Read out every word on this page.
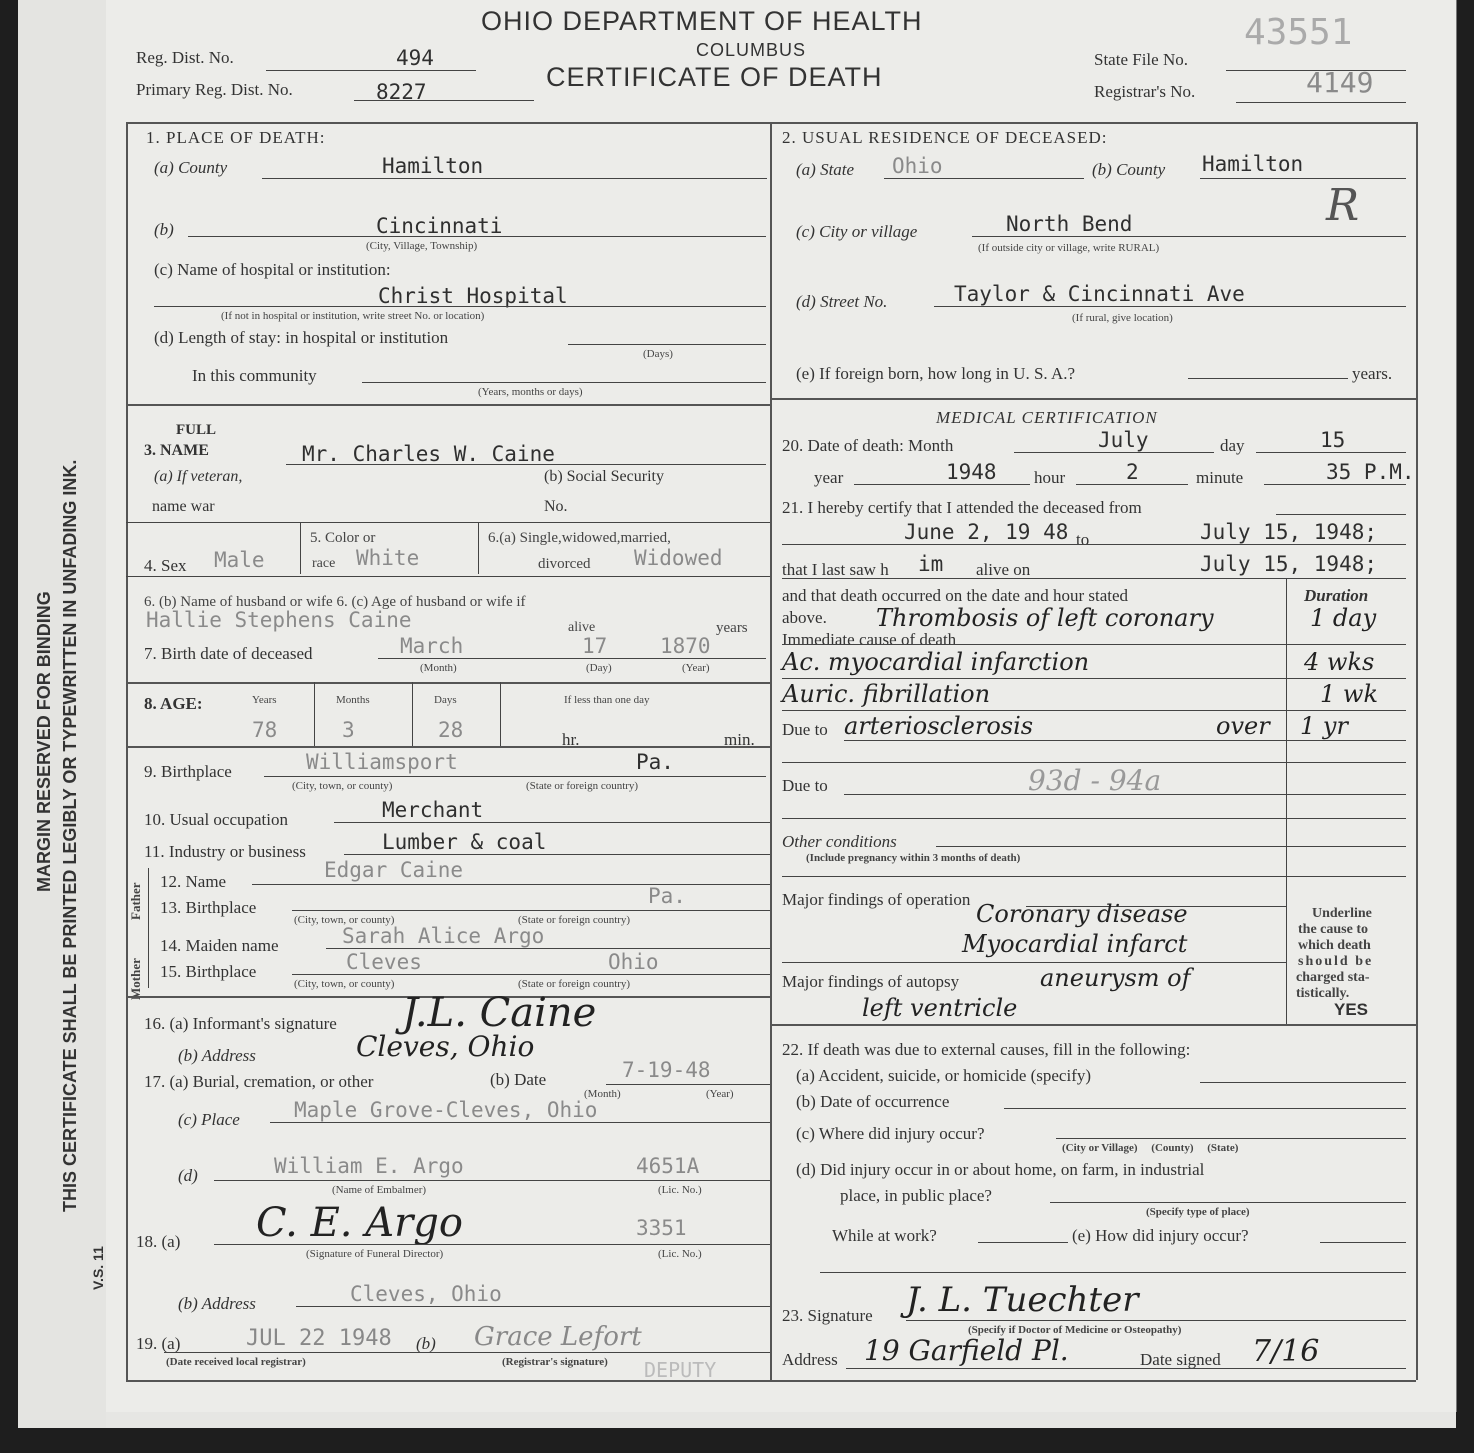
MARGIN RESERVED FOR BINDING THIS CERTIFICATE SHALL BE PRINTED LEGIBLY OR TYPEWRITTEN IN UNFADING INK.
V.S. 11
OHIO DEPARTMENT OF HEALTH
COLUMBUS
CERTIFICATE OF DEATH
43551
Reg. Dist. No.	494
Primary Reg. Dist. No.	8227
State File No.
Registrar's No.	4149
1. PLACE OF DEATH:
(a) County	Hamilton
(b)	Cincinnati
(City, Village, Township)
(c) Name of hospital or institution:
Christ Hospital
(If not in hospital or institution, write street No. or location)
(d) Length of stay: in hospital or institution
(Days)
In this community
(Years, months or days)
2. USUAL RESIDENCE OF DECEASED:
(a) State Ohio	(b) County Hamilton
R
(c) City or village	North Bend
(If outside city or village, write RURAL)
(d) Street No.	Taylor & Cincinnati Ave
(If rural, give location)
(e) If foreign born, how long in U. S. A.?	years.
FULL
3. NAME	Mr. Charles W. Caine
(a) If veteran,
name war
(b) Social Security
No.
4. Sex Male
5. Color or
race White
6.(a) Single,widowed,married,
divorced Widowed
6. (b) Name of husband or wife 6. (c) Age of husband or wife if
Hallie Stephens Caine	alive	years
7. Birth date of deceased	March	17	1870
(Month)	(Day)	(Year)
8. AGE:	Years	Months	Days	If less than one day
78	3	28	hr.	min.
9. Birthplace	Williamsport	Pa.
(City, town, or county)	(State or foreign country)
10. Usual occupation	Merchant
11. Industry or business	Lumber & coal
Mother
Father
12. Name	Edgar Caine
13. Birthplace	Pa.
(City, town, or county)	(State or foreign country)
14. Maiden name	Sarah Alice Argo
15. Birthplace	Cleves	Ohio
(City, town, or county)	(State or foreign country)
16. (a) Informant's signature J.L. Caine
(b) Address	Cleves, Ohio
17. (a) Burial, cremation, or other	(b) Date	7-19-48
(Month)	(Year)
(c) Place	Maple Grove-Cleves, Ohio
(d)	William E. Argo	4651A
(Name of Embalmer)	(Lic. No.)
18. (a) C. E. Argo	3351
(Signature of Funeral Director)	(Lic. No.)
(b) Address	Cleves, Ohio
19. (a)	JUL 22 1948 (b) Grace Lefort
DEPUTY
(Date received local registrar)	(Registrar's signature)
MEDICAL CERTIFICATION
20. Date of death: Month	July	day	15
year	1948 hour	2	minute	35 P.M.
21. I hereby certify that I attended the deceased from
June 2, 19 48 to	July 15, 1948;
that I last saw h im alive on	July 15, 1948;
and that death occurred on the date and hour stated	Duration
above.
Immediate cause of death
Thrombosis of left coronary	1 day
Ac. myocardial infarction	4 wks
Auric. fibrillation	1 wk
Due to arteriosclerosis	over 1 yr
Due to	93d - 94a
Other conditions
(Include pregnancy within 3 months of death)
Major findings of operation
Coronary disease
Myocardial infarct
Underline
the cause to
which death
should be
charged sta-
tistically.
YES
Major findings of autopsy	aneurysm of
left ventricle
22. If death was due to external causes, fill in the following:
(a) Accident, suicide, or homicide (specify)
(b) Date of occurrence
(c) Where did injury occur?
(City or Village)     (County)     (State)
(d) Did injury occur in or about home, on farm, in industrial
place, in public place?
(Specify type of place)
While at work?	(e) How did injury occur?
23. Signature J. L. Tuechter
(Specify if Doctor of Medicine or Osteopathy)
Address 19 Garfield Pl.	Date signed 7/16
